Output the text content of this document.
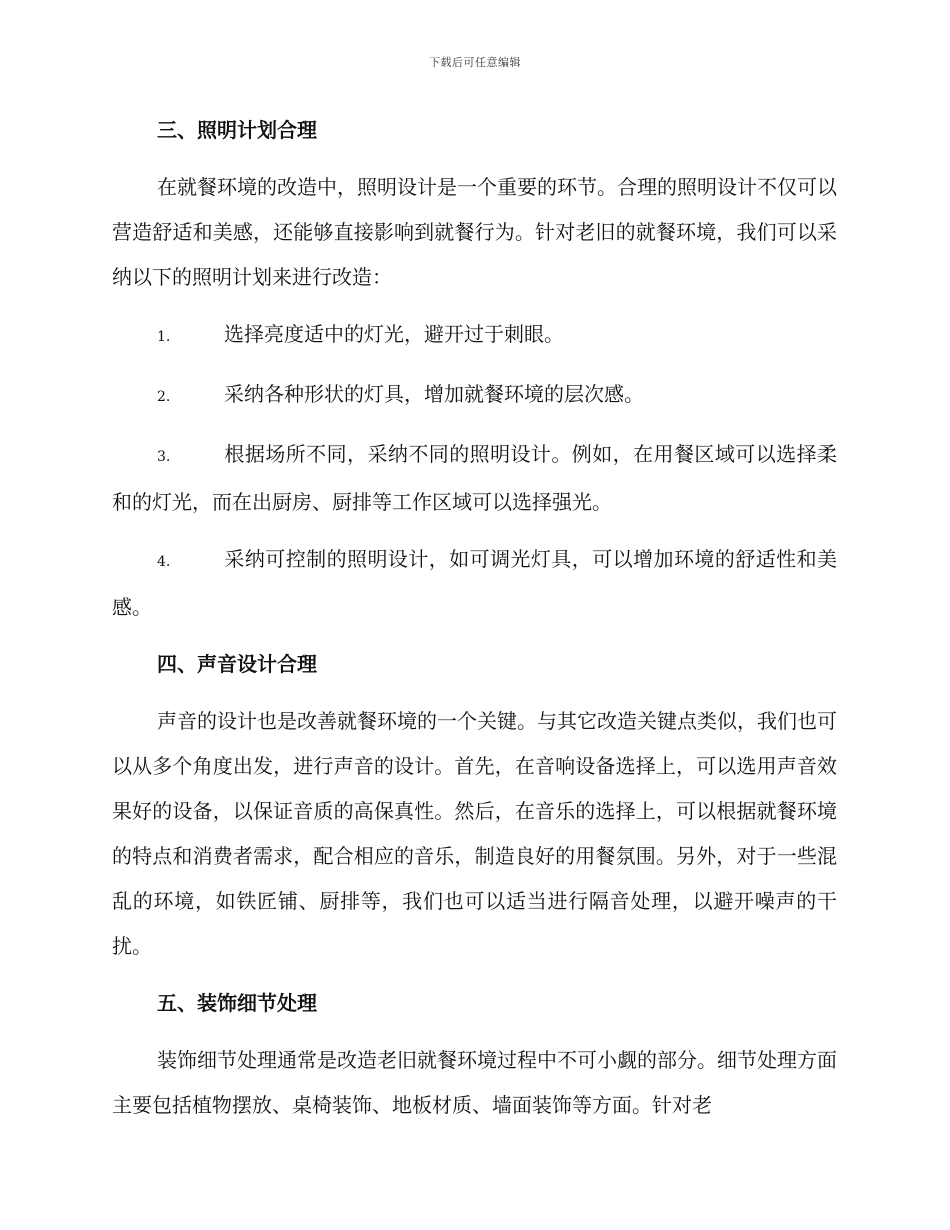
下载后可任意编辑
三、照明计划合理
在就餐环境的改造中，照明设计是一个重要的环节。合理的照明设计不仅可以营造舒适和美感，还能够直接影响到就餐行为。针对老旧的就餐环境，我们可以采纳以下的照明计划来进行改造：
1.	选择亮度适中的灯光，避开过于刺眼。
2.	采纳各种形状的灯具，增加就餐环境的层次感。
3.	根据场所不同，采纳不同的照明设计。例如，在用餐区域可以选择柔和的灯光，而在出厨房、厨排等工作区域可以选择强光。
4.	采纳可控制的照明设计，如可调光灯具，可以增加环境的舒适性和美感。
四、声音设计合理
声音的设计也是改善就餐环境的一个关键。与其它改造关键点类似，我们也可以从多个角度出发，进行声音的设计。首先，在音响设备选择上，可以选用声音效果好的设备，以保证音质的高保真性。然后，在音乐的选择上，可以根据就餐环境的特点和消费者需求，配合相应的音乐，制造良好的用餐氛围。另外，对于一些混乱的环境，如铁匠铺、厨排等，我们也可以适当进行隔音处理，以避开噪声的干扰。
五、装饰细节处理
装饰细节处理通常是改造老旧就餐环境过程中不可小觑的部分。细节处理方面主要包括植物摆放、桌椅装饰、地板材质、墙面装饰等方面。针对老
